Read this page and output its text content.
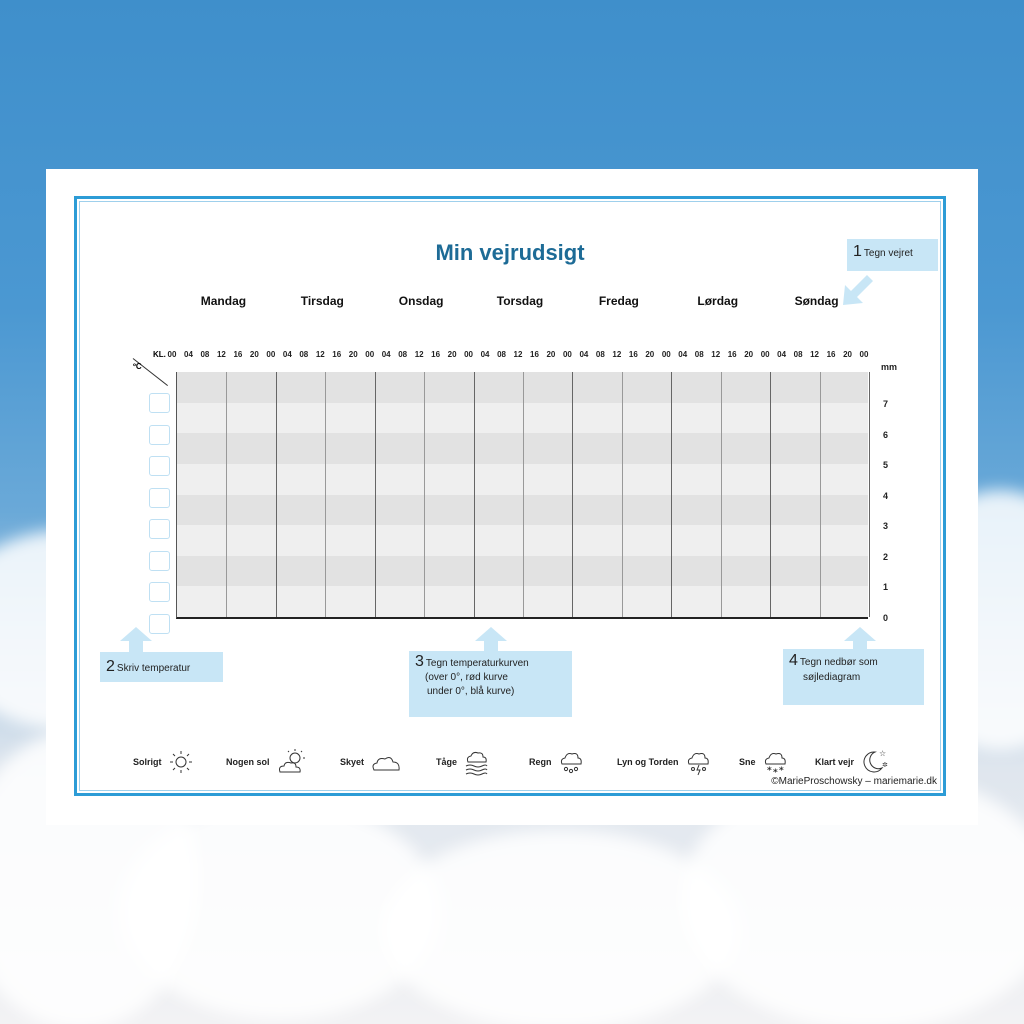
Min vejrudsigt
Mandag	Tirsdag	Onsdag	Torsdag	Fredag	Lørdag	Søndag
00 04 08 12 16 20 00 04 08 12 16 20 00 04 08 12 16 20 00 04 08 12 16 20 00 04 08 12 16 20 00 04 08 12 16 20 00 04 08 12 16 20 00
KL.
ºC	mm
7
6
5
4
3
2
1
0
1 Tegn vejret
2 Skriv temperatur	3 Tegn temperaturkurven
(over 0°, rød kurve
under 0°, blå kurve)
4 Tegn nedbør som
søjlediagram
Solrigt	Nogen sol	Skyet	Tåge	Regn	Lyn og Torden	Sne
* * *
Klart vejr
☆
✲
©MarieProschowsky – mariemarie.dk
